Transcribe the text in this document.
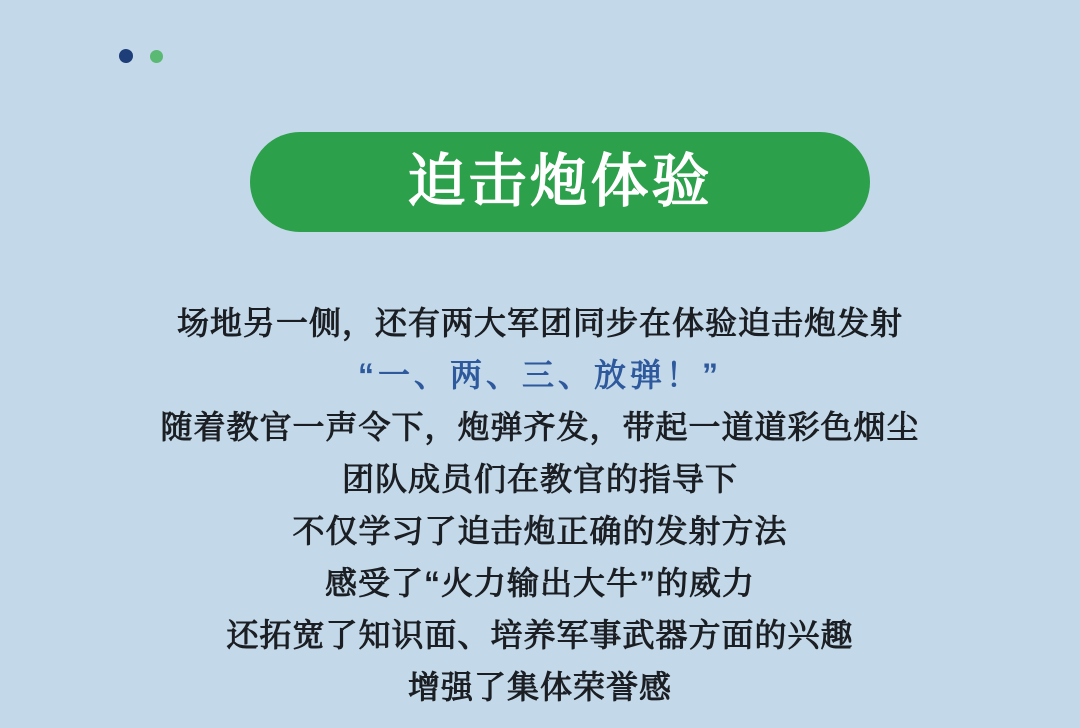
迫击炮体验
场地另一侧，还有两大军团同步在体验迫击炮发射
“一、两、三、放弹！”
随着教官一声令下，炮弹齐发，带起一道道彩色烟尘
团队成员们在教官的指导下
不仅学习了迫击炮正确的发射方法
感受了“火力输出大牛”的威力
还拓宽了知识面、培养军事武器方面的兴趣
增强了集体荣誉感
